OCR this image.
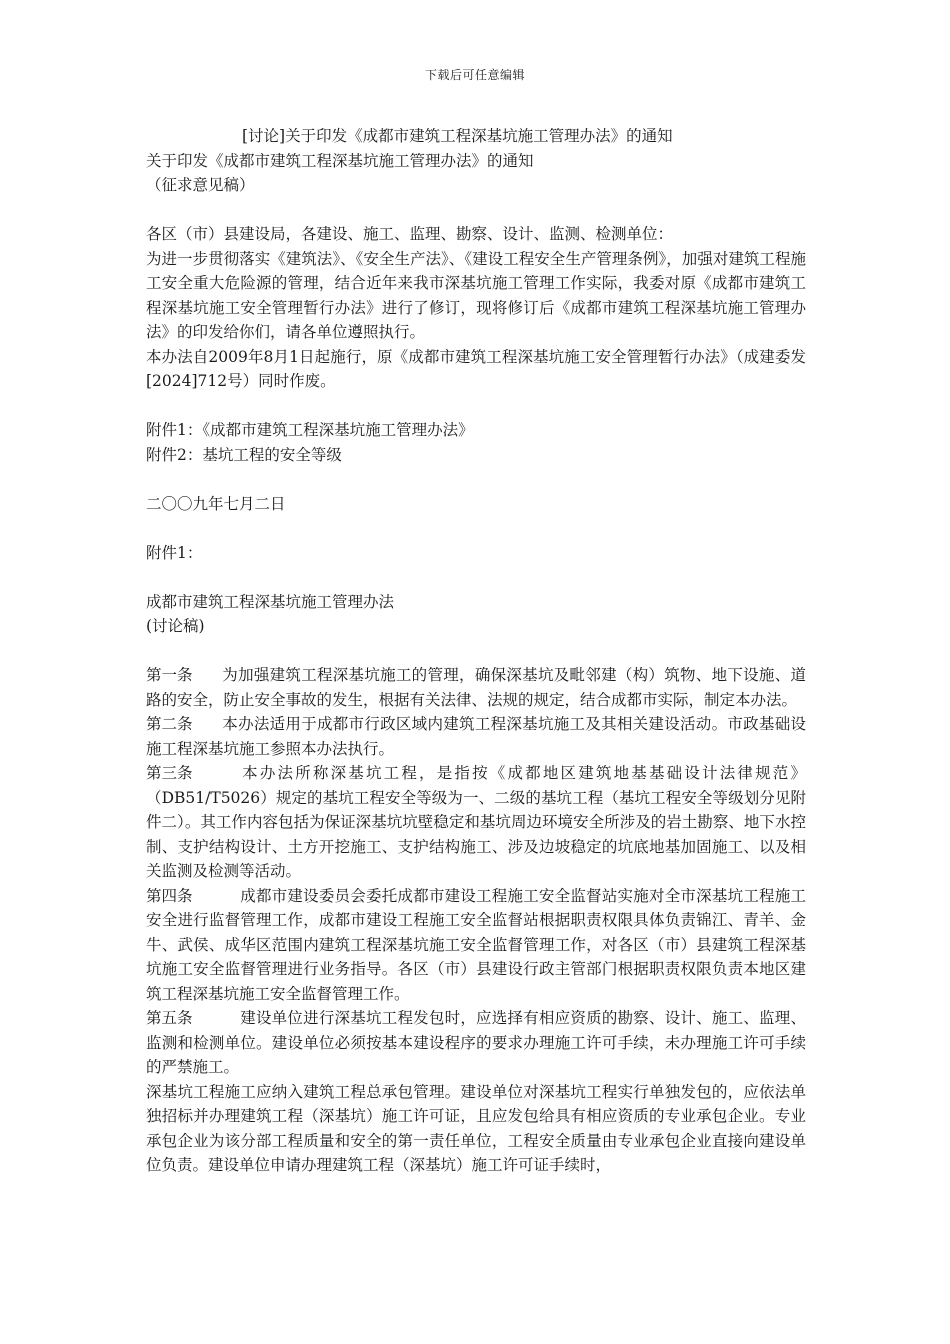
下载后可任意编辑
[讨论]关于印发《成都市建筑工程深基坑施工管理办法》的通知
关于印发《成都市建筑工程深基坑施工管理办法》的通知
（征求意见稿）
各区（市）县建设局，各建设、施工、监理、勘察、设计、监测、检测单位：

为进一步贯彻落实《建筑法》、《安全生产法》、《建设工程安全生产管理条例》，加强对建筑工程施工安全重大危险源的管理，结合近年来我市深基坑施工管理工作实际，我委对原《成都市建筑工程深基坑施工安全管理暂行办法》进行了修订，现将修订后《成都市建筑工程深基坑施工管理办法》的印发给你们，请各单位遵照执行。

本办法自2009年8月1日起施行，原《成都市建筑工程深基坑施工安全管理暂行办法》（成建委发[2024]712号）同时作废。

附件1：《成都市建筑工程深基坑施工管理办法》
附件2：基坑工程的安全等级
二〇〇九年七月二日
附件1：
成都市建筑工程深基坑施工管理办法
(讨论稿)

第一条 为加强建筑工程深基坑施工的管理，确保深基坑及毗邻建（构）筑物、地下设施、道路的安全，防止安全事故的发生，根据有关法律、法规的规定，结合成都市实际，制定本办法。

第二条 本办法适用于成都市行政区域内建筑工程深基坑施工及其相关建设活动。市政基础设施工程深基坑施工参照本办法执行。

第三条	本办法所称深基坑工程，是指按《成都地区建筑地基基础设计法律规范》（DB51/T5026）规定的基坑工程安全等级为一、二级的基坑工程（基坑工程安全等级划分见附件二）。其工作内容包括为保证深基坑坑壁稳定和基坑周边环境安全所涉及的岩土勘察、地下水控制、支护结构设计、土方开挖施工、支护结构施工、涉及边坡稳定的坑底地基加固施工、以及相关监测及检测等活动。

第四条	成都市建设委员会委托成都市建设工程施工安全监督站实施对全市深基坑工程施工安全进行监督管理工作，成都市建设工程施工安全监督站根据职责权限具体负责锦江、青羊、金牛、武侯、成华区范围内建筑工程深基坑施工安全监督管理工作，对各区（市）县建筑工程深基坑施工安全监督管理进行业务指导。各区（市）县建设行政主管部门根据职责权限负责本地区建筑工程深基坑施工安全监督管理工作。

第五条	建设单位进行深基坑工程发包时，应选择有相应资质的勘察、设计、施工、监理、监测和检测单位。建设单位必须按基本建设程序的要求办理施工许可手续，未办理施工许可手续的严禁施工。

深基坑工程施工应纳入建筑工程总承包管理。建设单位对深基坑工程实行单独发包的，应依法单独招标并办理建筑工程（深基坑）施工许可证，且应发包给具有相应资质的专业承包企业。专业承包企业为该分部工程质量和安全的第一责任单位，工程安全质量由专业承包企业直接向建设单位负责。建设单位申请办理建筑工程（深基坑）施工许可证手续时，
